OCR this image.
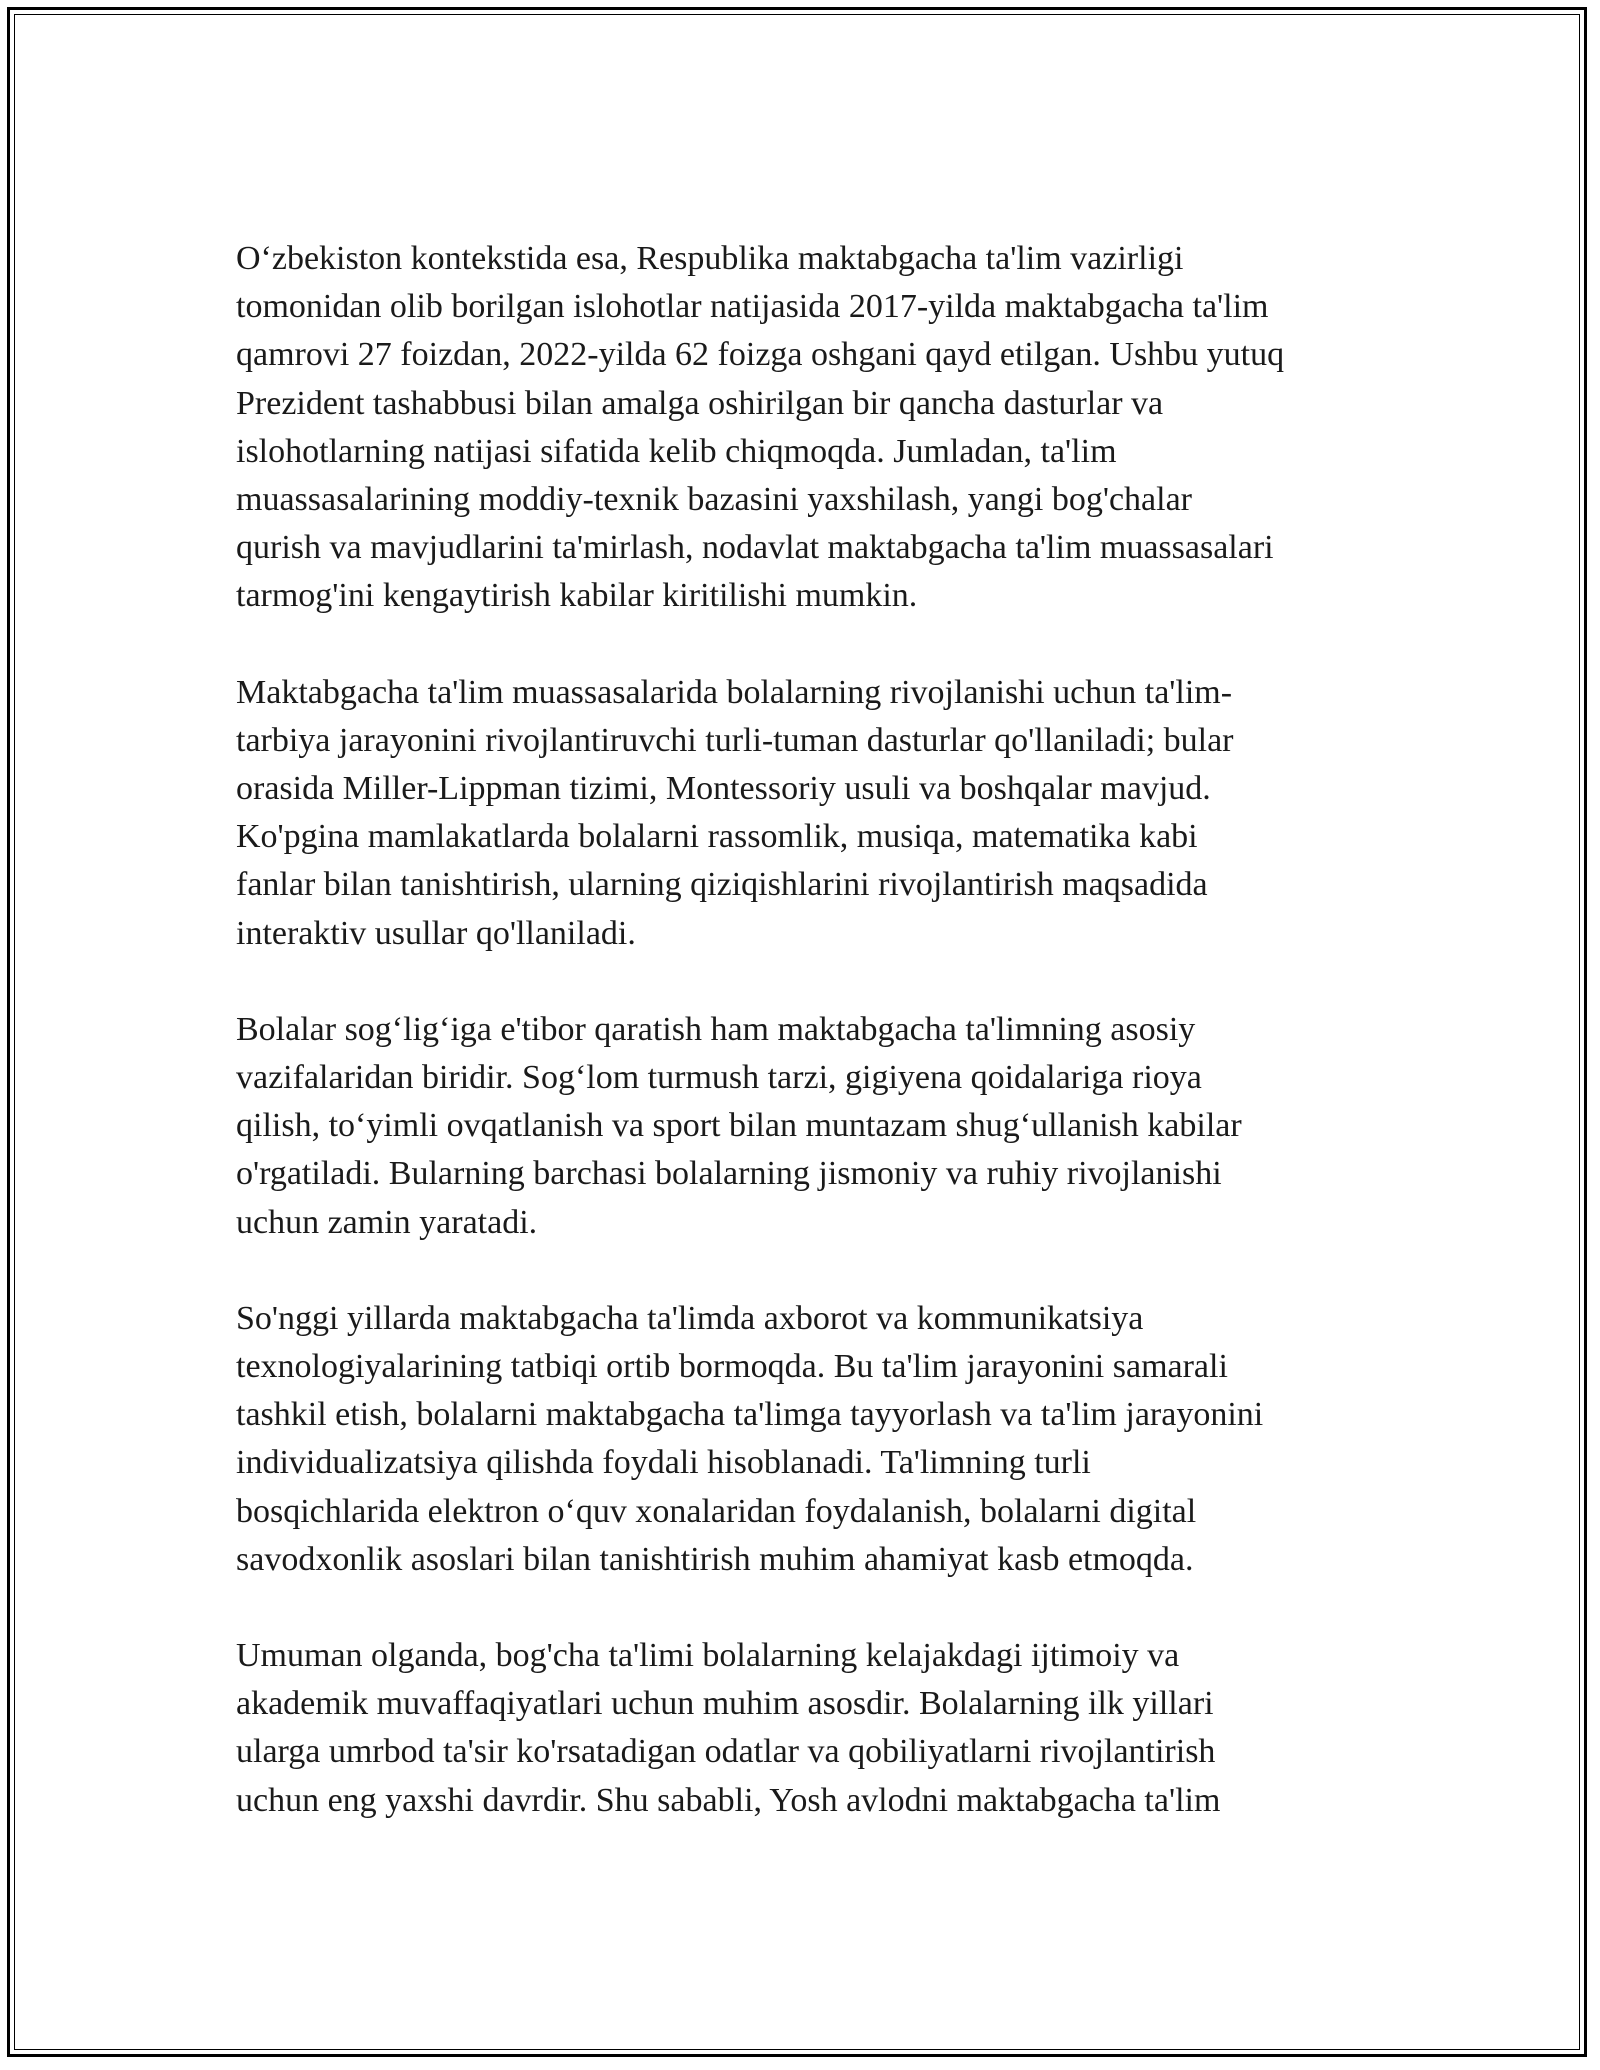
O‘zbekiston kontekstida esa, Respublika maktabgacha ta'lim vazirligi
tomonidan olib borilgan islohotlar natijasida 2017-yilda maktabgacha ta'lim
qamrovi 27 foizdan, 2022-yilda 62 foizga oshgani qayd etilgan. Ushbu yutuq
Prezident tashabbusi bilan amalga oshirilgan bir qancha dasturlar va
islohotlarning natijasi sifatida kelib chiqmoqda. Jumladan, ta'lim
muassasalarining moddiy-texnik bazasini yaxshilash, yangi bog'chalar
qurish va mavjudlarini ta'mirlash, nodavlat maktabgacha ta'lim muassasalari
tarmog'ini kengaytirish kabilar kiritilishi mumkin.

Maktabgacha ta'lim muassasalarida bolalarning rivojlanishi uchun ta'lim-
tarbiya jarayonini rivojlantiruvchi turli-tuman dasturlar qo'llaniladi; bular
orasida Miller-Lippman tizimi, Montessoriy usuli va boshqalar mavjud.
Ko'pgina mamlakatlarda bolalarni rassomlik, musiqa, matematika kabi
fanlar bilan tanishtirish, ularning qiziqishlarini rivojlantirish maqsadida
interaktiv usullar qo'llaniladi.

Bolalar sog‘lig‘iga e'tibor qaratish ham maktabgacha ta'limning asosiy
vazifalaridan biridir. Sog‘lom turmush tarzi, gigiyena qoidalariga rioya
qilish, to‘yimli ovqatlanish va sport bilan muntazam shug‘ullanish kabilar
o'rgatiladi. Bularning barchasi bolalarning jismoniy va ruhiy rivojlanishi
uchun zamin yaratadi.

So'nggi yillarda maktabgacha ta'limda axborot va kommunikatsiya
texnologiyalarining tatbiqi ortib bormoqda. Bu ta'lim jarayonini samarali
tashkil etish, bolalarni maktabgacha ta'limga tayyorlash va ta'lim jarayonini
individualizatsiya qilishda foydali hisoblanadi. Ta'limning turli
bosqichlarida elektron o‘quv xonalaridan foydalanish, bolalarni digital
savodxonlik asoslari bilan tanishtirish muhim ahamiyat kasb etmoqda.

Umuman olganda, bog'cha ta'limi bolalarning kelajakdagi ijtimoiy va
akademik muvaffaqiyatlari uchun muhim asosdir. Bolalarning ilk yillari
ularga umrbod ta'sir ko'rsatadigan odatlar va qobiliyatlarni rivojlantirish
uchun eng yaxshi davrdir. Shu sababli, Yosh avlodni maktabgacha ta'lim
